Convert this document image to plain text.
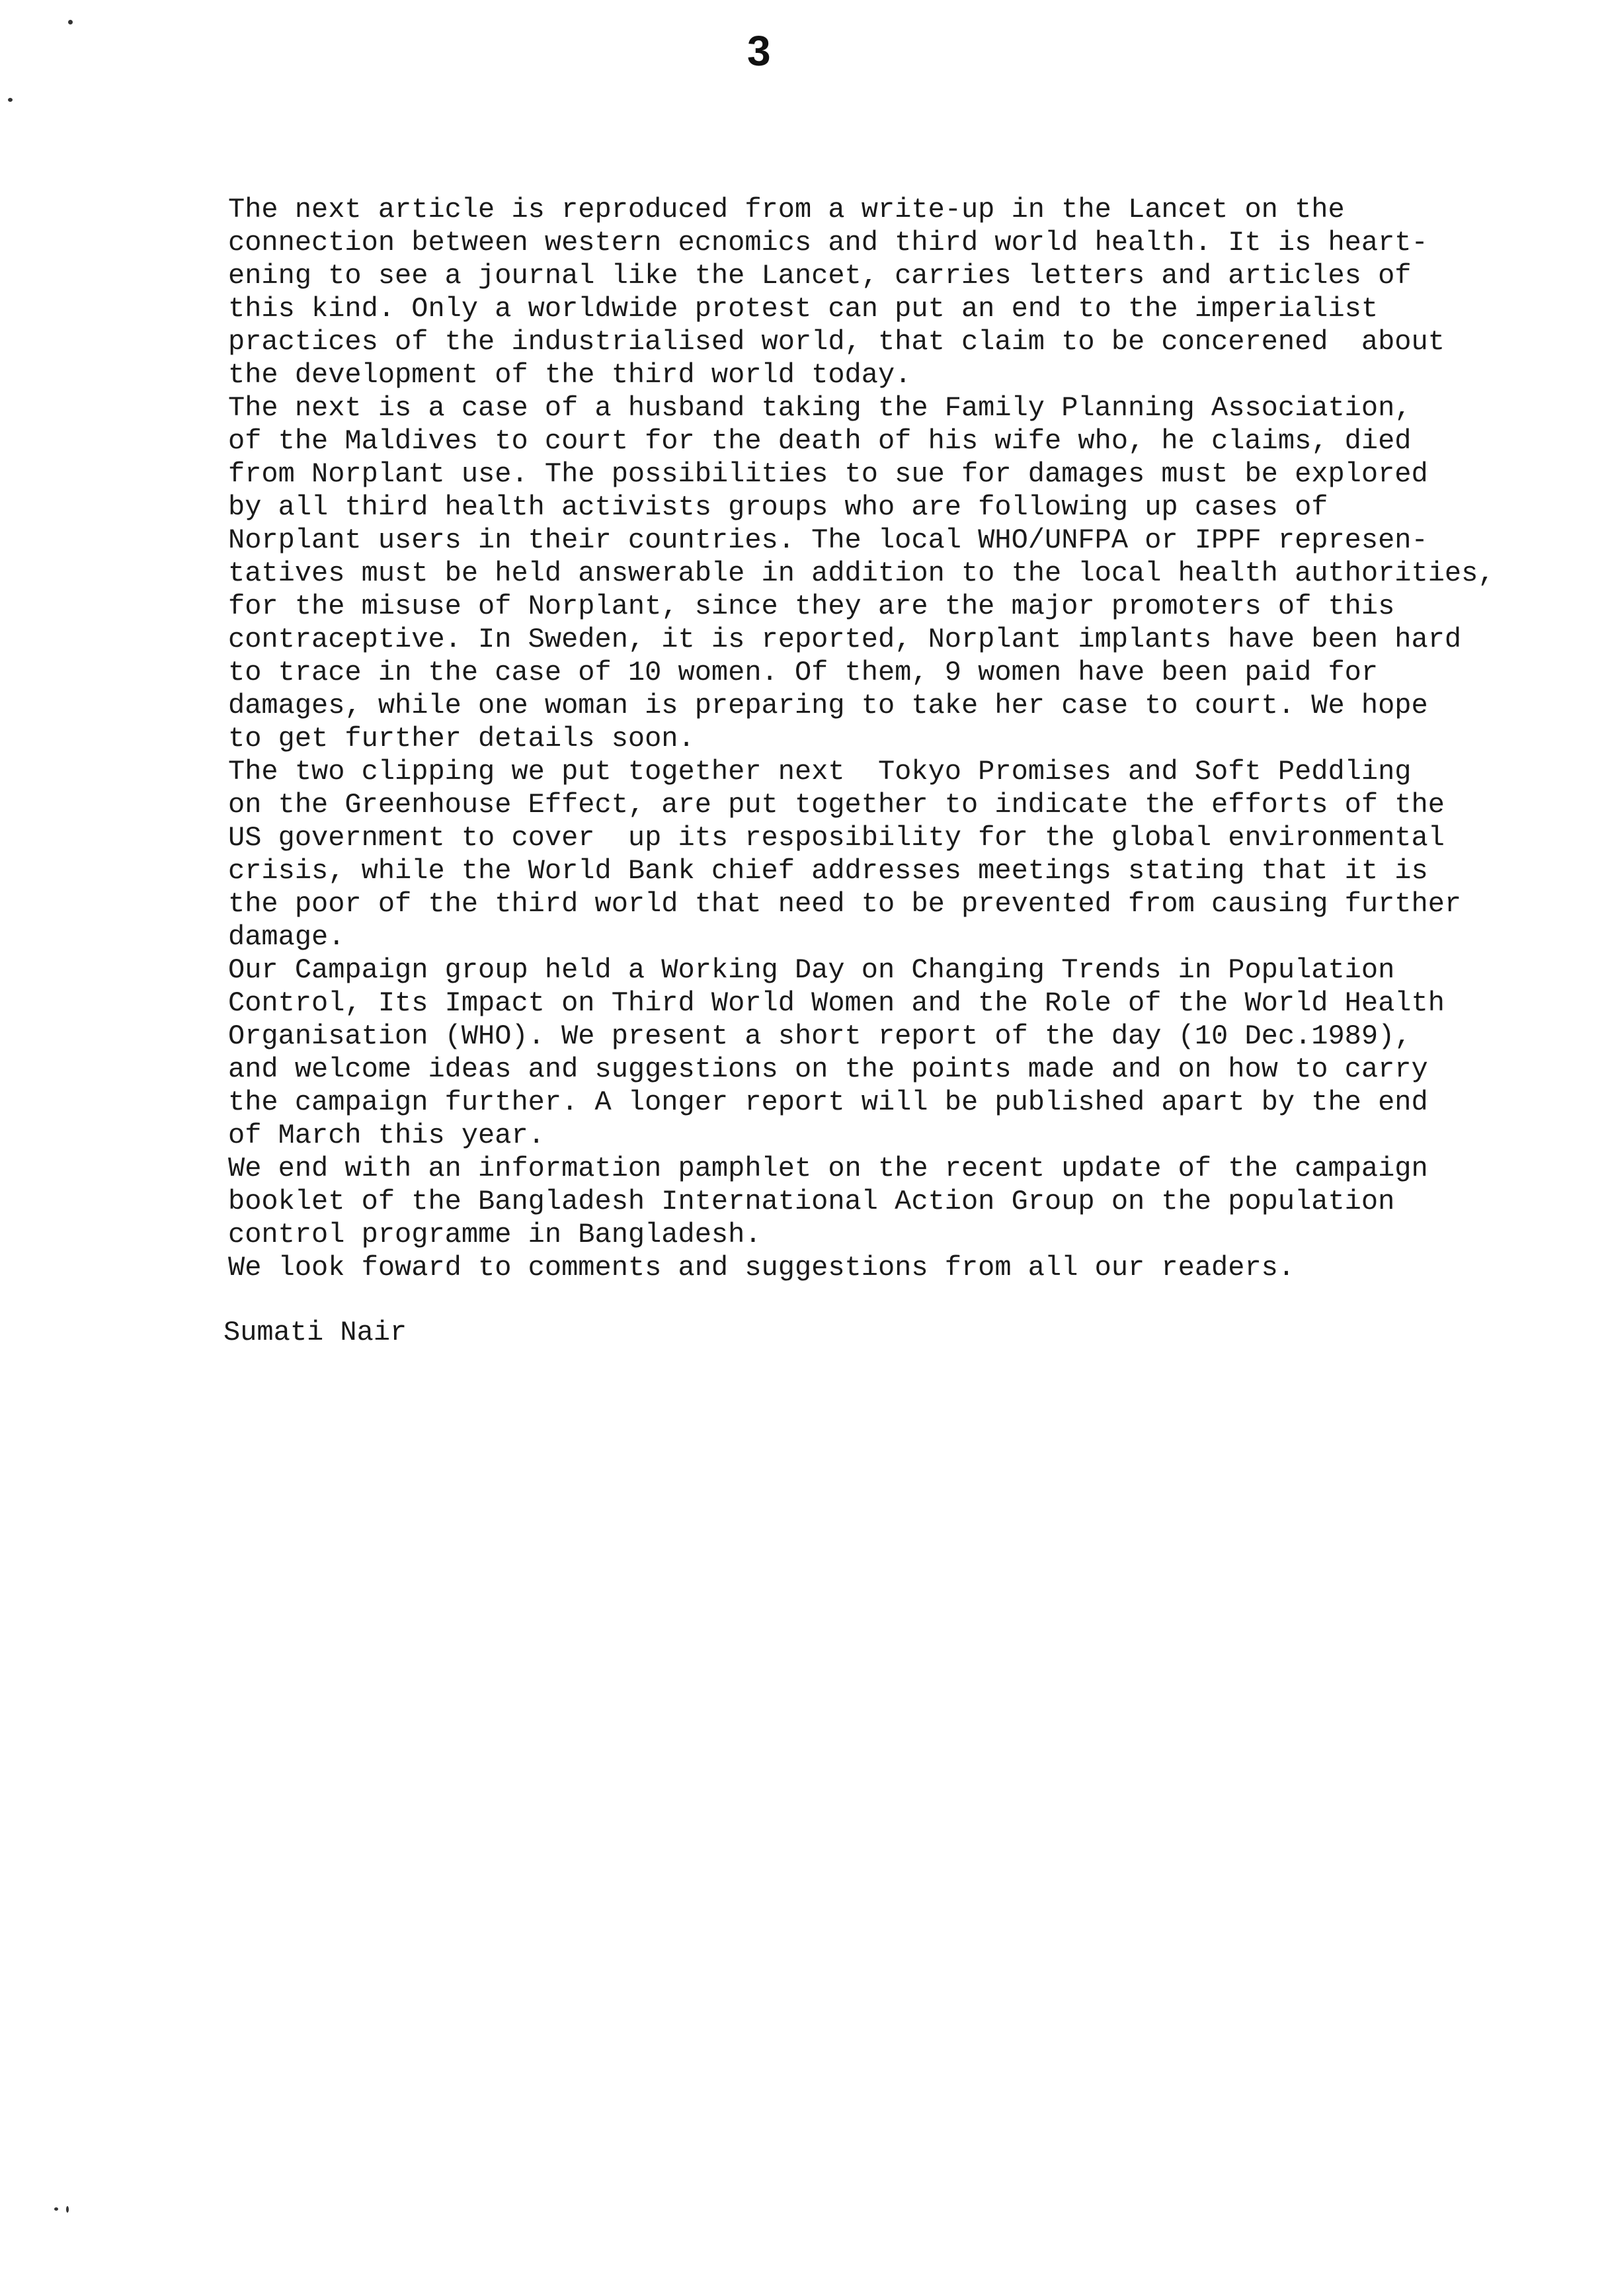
3
The next article is reproduced from a write-up in the Lancet on the
connection between western ecnomics and third world health. It is heart-
ening to see a journal like the Lancet, carries letters and articles of
this kind. Only a worldwide protest can put an end to the imperialist
practices of the industrialised world, that claim to be concerened  about
the development of the third world today.
The next is a case of a husband taking the Family Planning Association,
of the Maldives to court for the death of his wife who, he claims, died
from Norplant use. The possibilities to sue for damages must be explored
by all third health activists groups who are following up cases of
Norplant users in their countries. The local WHO/UNFPA or IPPF represen-
tatives must be held answerable in addition to the local health authorities,
for the misuse of Norplant, since they are the major promoters of this
contraceptive. In Sweden, it is reported, Norplant implants have been hard
to trace in the case of 10 women. Of them, 9 women have been paid for
damages, while one woman is preparing to take her case to court. We hope
to get further details soon.
The two clipping we put together next  Tokyo Promises and Soft Peddling
on the Greenhouse Effect, are put together to indicate the efforts of the
US government to cover  up its resposibility for the global environmental
crisis, while the World Bank chief addresses meetings stating that it is
the poor of the third world that need to be prevented from causing further
damage.
Our Campaign group held a Working Day on Changing Trends in Population
Control, Its Impact on Third World Women and the Role of the World Health
Organisation (WHO). We present a short report of the day (10 Dec.1989),
and welcome ideas and suggestions on the points made and on how to carry
the campaign further. A longer report will be published apart by the end
of March this year.
We end with an information pamphlet on the recent update of the campaign
booklet of the Bangladesh International Action Group on the population
control programme in Bangladesh.
We look foward to comments and suggestions from all our readers.
Sumati Nair
